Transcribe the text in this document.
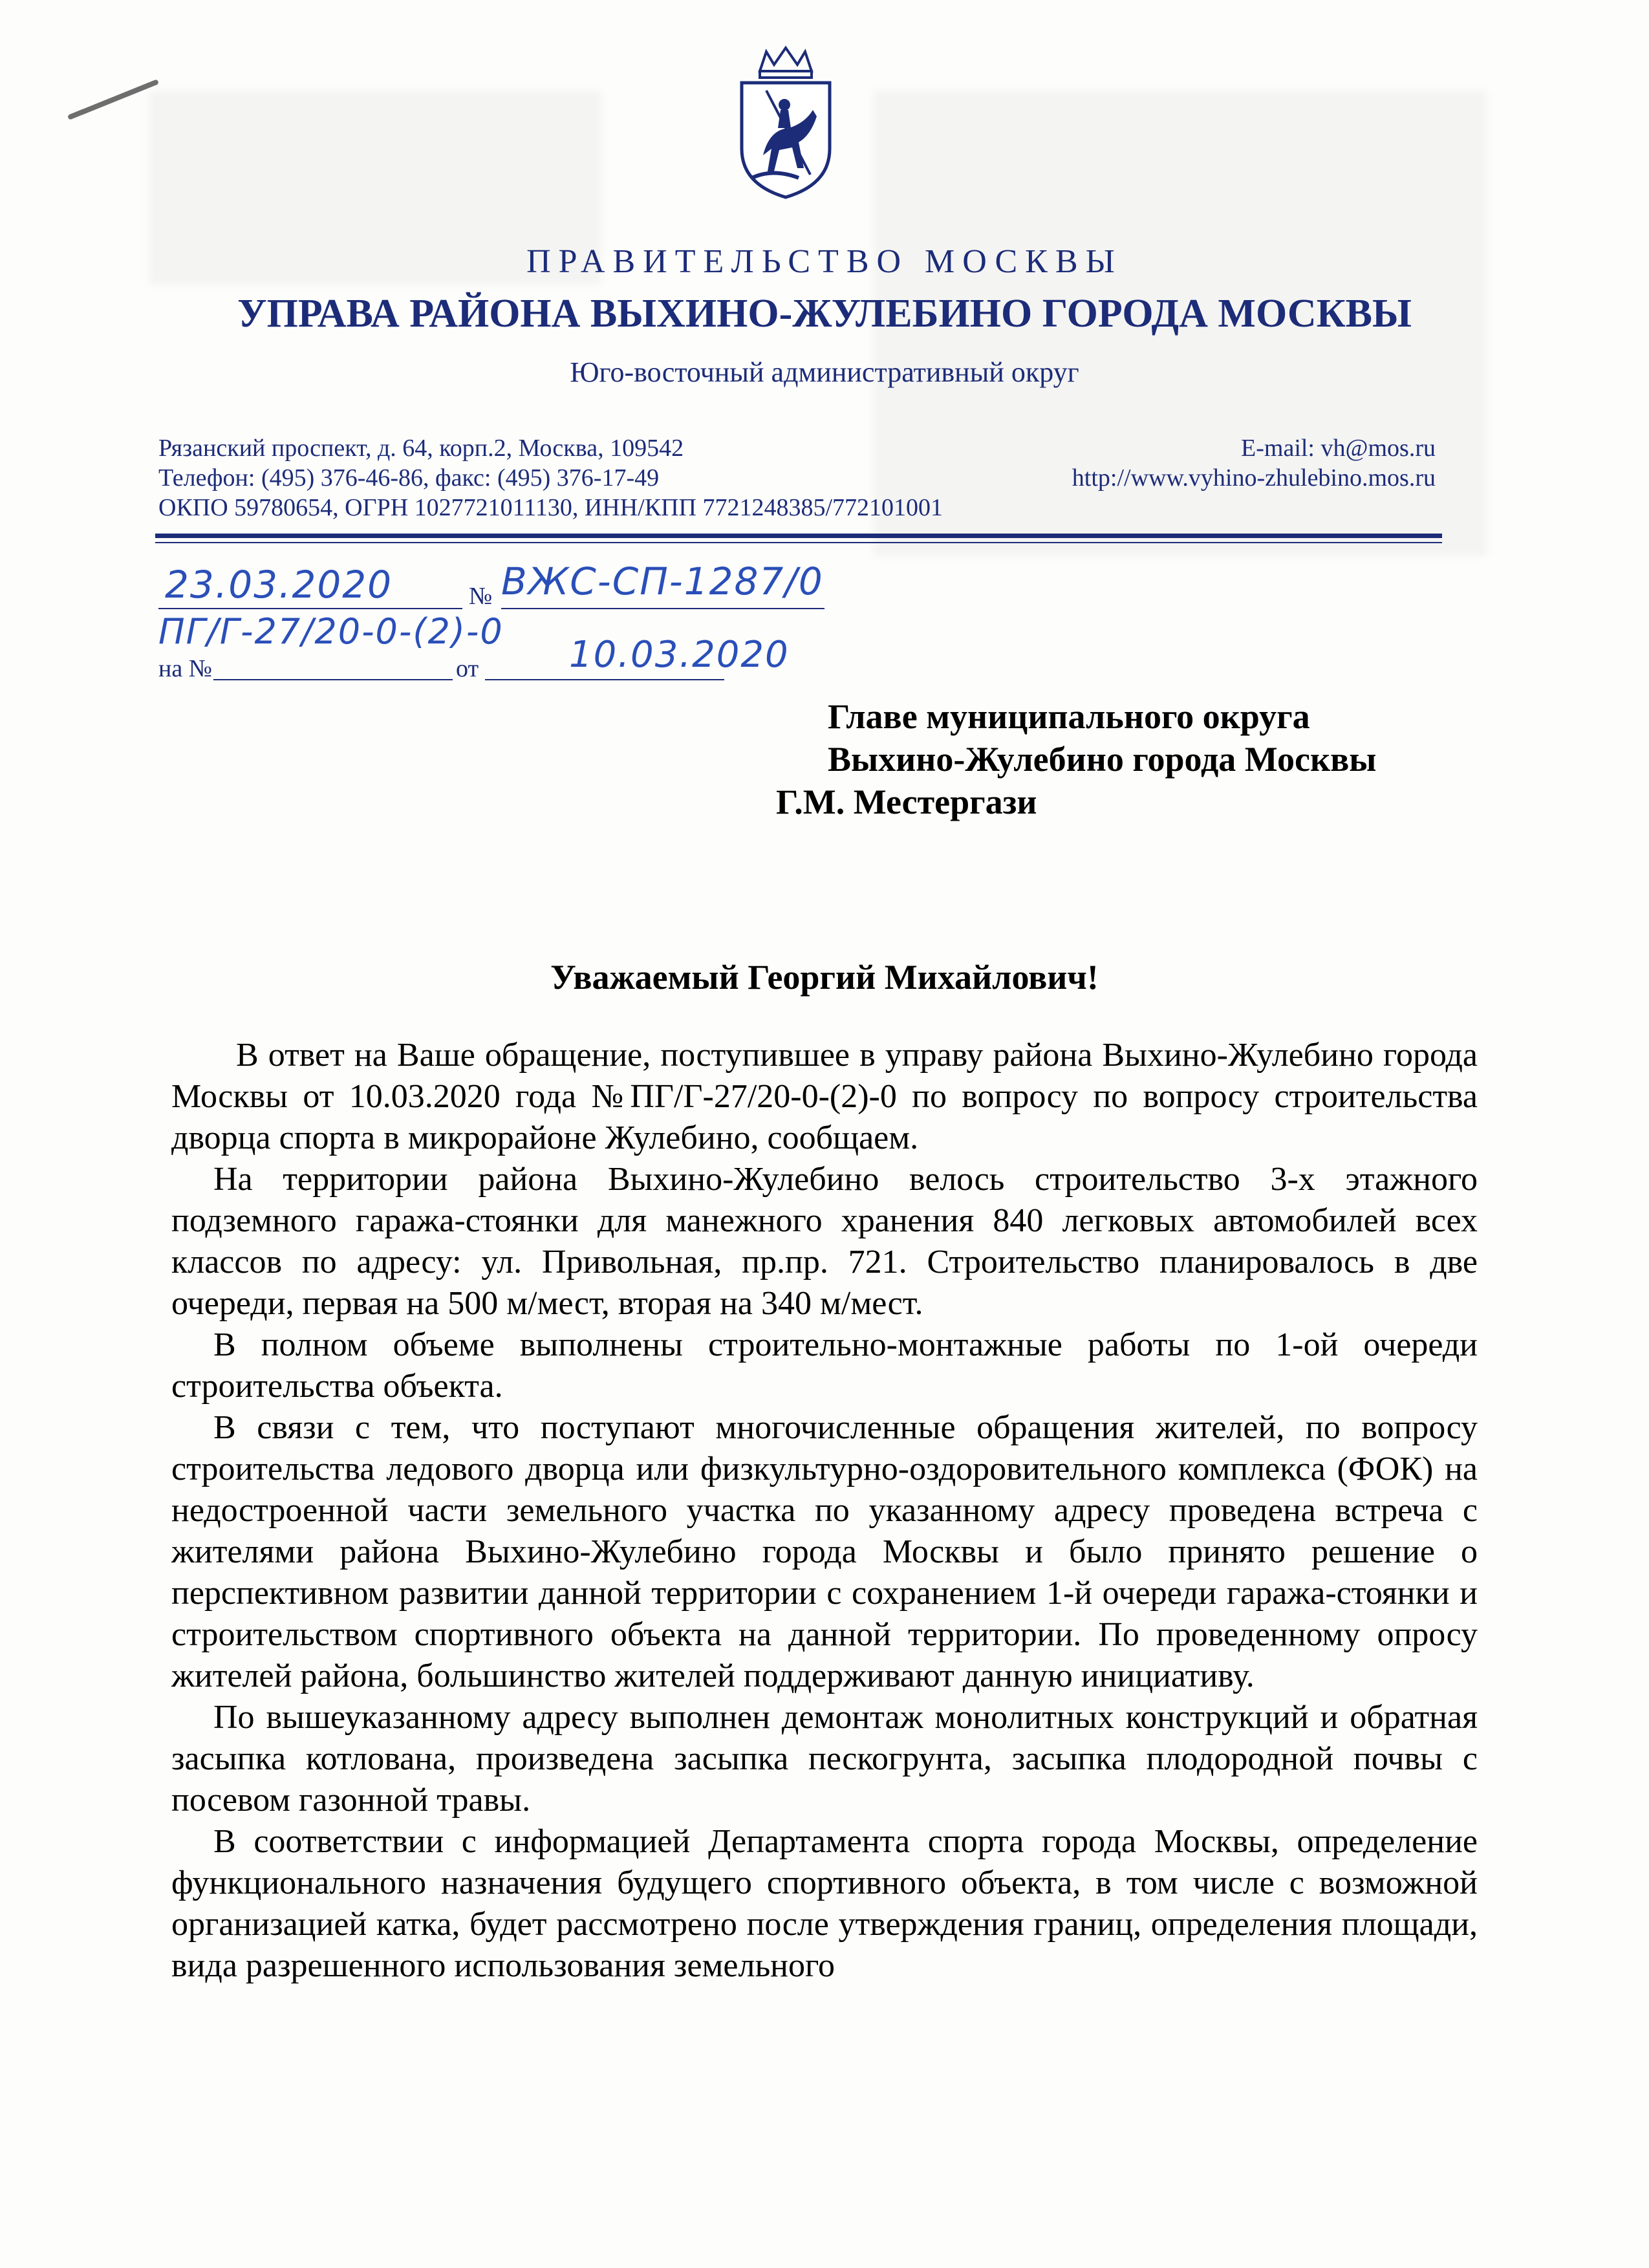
ПРАВИТЕЛЬСТВО МОСКВЫ
УПРАВА РАЙОНА ВЫХИНО-ЖУЛЕБИНО ГОРОДА МОСКВЫ
Юго-восточный административный округ
Рязанский проспект, д. 64, корп.2, Москва, 109542
Телефон: (495) 376-46-86, факс: (495) 376-17-49
ОКПО 59780654, ОГРН 1027721011130, ИНН/КПП 7721248385/772101001
E-mail: vh@mos.ru
http://www.vyhino-zhulebino.mos.ru
23.03.2020	№ ВЖС-СП-1287/0
ПГ/Г-27/20-0-(2)-0
на №	от 10.03.2020
Главе муниципального округа
Выхино-Жулебино города Москвы
Г.М. Местергази
Уважаемый Георгий Михайлович!

В ответ на Ваше обращение, поступившее в управу района Выхино-Жулебино города Москвы от 10.03.2020 года №ПГ/Г-27/20-0-(2)-0 по вопросу по вопросу строительства дворца спорта в микрорайоне Жулебино, сообщаем.

На территории района Выхино-Жулебино велось строительство 3-х этажного подземного гаража-стоянки для манежного хранения 840 легковых автомобилей всех классов по адресу: ул. Привольная, пр.пр. 721. Строительство планировалось в две очереди, первая на 500 м/мест, вторая на 340 м/мест.

В полном объеме выполнены строительно-монтажные работы по 1-ой очереди строительства объекта.

В связи с тем, что поступают многочисленные обращения жителей, по вопросу строительства ледового дворца или физкультурно-оздоровительного комплекса (ФОК) на недостроенной части земельного участка по указанному адресу проведена встреча с жителями района Выхино-Жулебино города Москвы и было принято решение о перспективном развитии данной территории с сохранением 1-й очереди гаража-стоянки и строительством спортивного объекта на данной территории. По проведенному опросу жителей района, большинство жителей поддерживают данную инициативу.

По вышеуказанному адресу выполнен демонтаж монолитных конструкций и обратная засыпка котлована, произведена засыпка пескогрунта, засыпка плодородной почвы с посевом газонной травы.

В соответствии с информацией Департамента спорта города Москвы, определение функционального назначения будущего спортивного объекта, в том числе с возможной организацией катка, будет рассмотрено после утверждения границ, определения площади, вида разрешенного использования земельного
